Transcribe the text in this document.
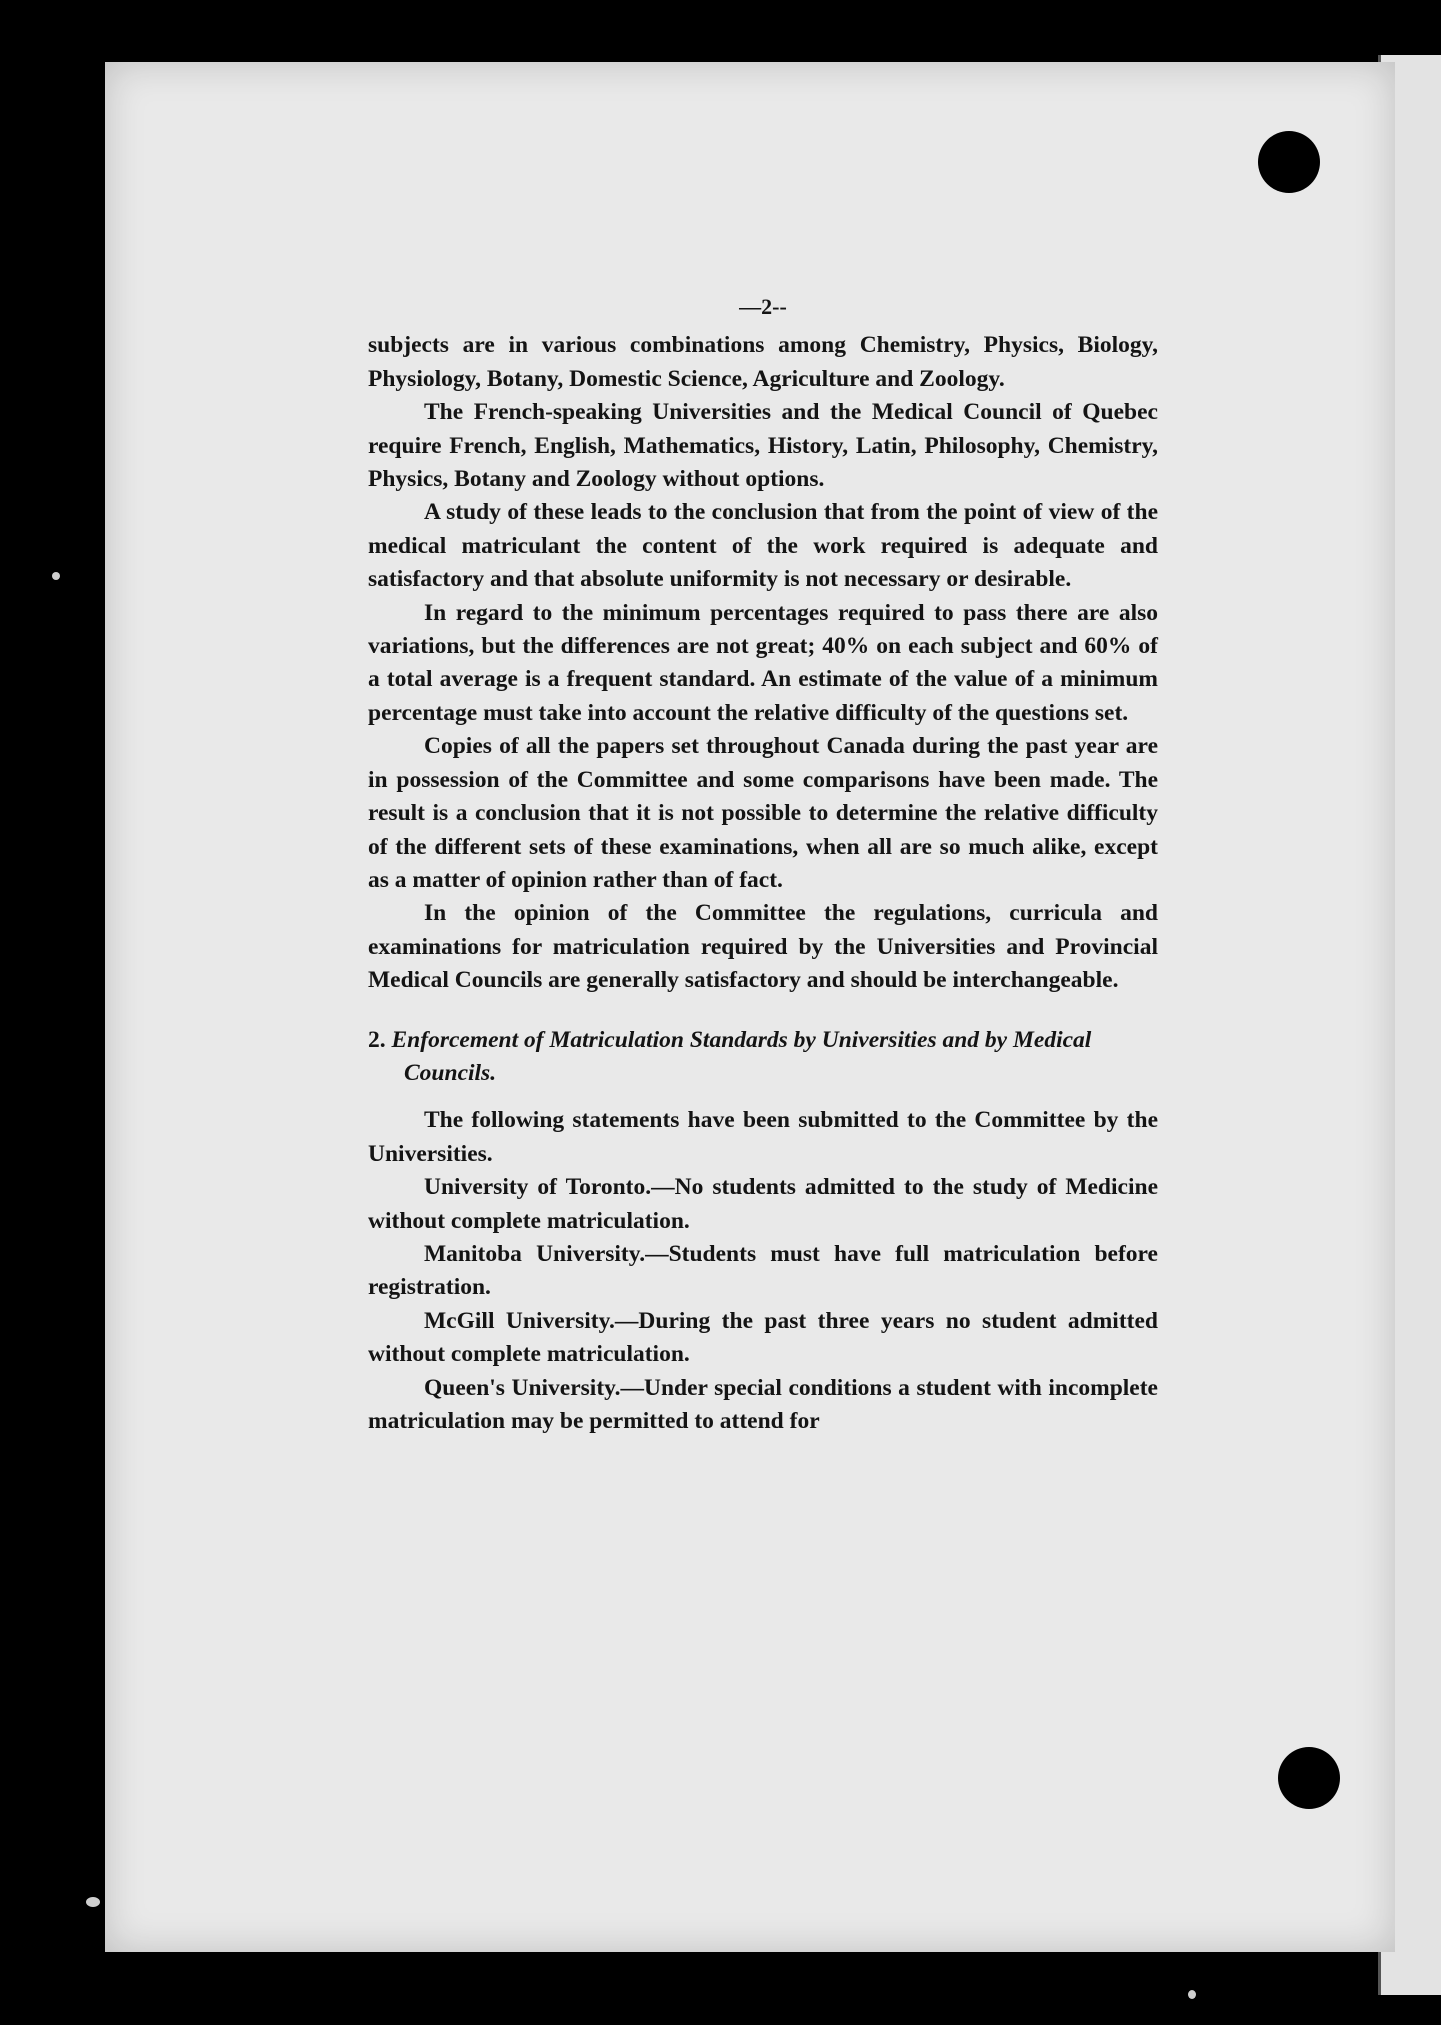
—2--

subjects are in various combinations among Chemistry, Physics, Biology, Physiology, Botany, Domestic Science, Agriculture and Zoology.

The French-speaking Universities and the Medical Council of Quebec require French, English, Mathematics, History, Latin, Philosophy, Chemistry, Physics, Botany and Zoology without options.

A study of these leads to the conclusion that from the point of view of the medical matriculant the content of the work required is adequate and satisfactory and that absolute uniformity is not necessary or desirable.

In regard to the minimum percentages required to pass there are also variations, but the differences are not great; 40% on each subject and 60% of a total average is a frequent standard. An estimate of the value of a minimum percentage must take into account the relative difficulty of the questions set.

Copies of all the papers set throughout Canada during the past year are in possession of the Committee and some comparisons have been made. The result is a conclusion that it is not possible to determine the relative difficulty of the different sets of these examinations, when all are so much alike, except as a matter of opinion rather than of fact.

In the opinion of the Committee the regulations, curricula and examinations for matriculation required by the Universities and Provincial Medical Councils are generally satisfactory and should be interchangeable.

2. Enforcement of Matriculation Standards by Universities and by Medical Councils.

The following statements have been submitted to the Committee by the Universities.

University of Toronto.—No students admitted to the study of Medicine without complete matriculation.

Manitoba University.—Students must have full matriculation before registration.

McGill University.—During the past three years no student admitted without complete matriculation.

Queen's University.—Under special conditions a student with incomplete matriculation may be permitted to attend for
